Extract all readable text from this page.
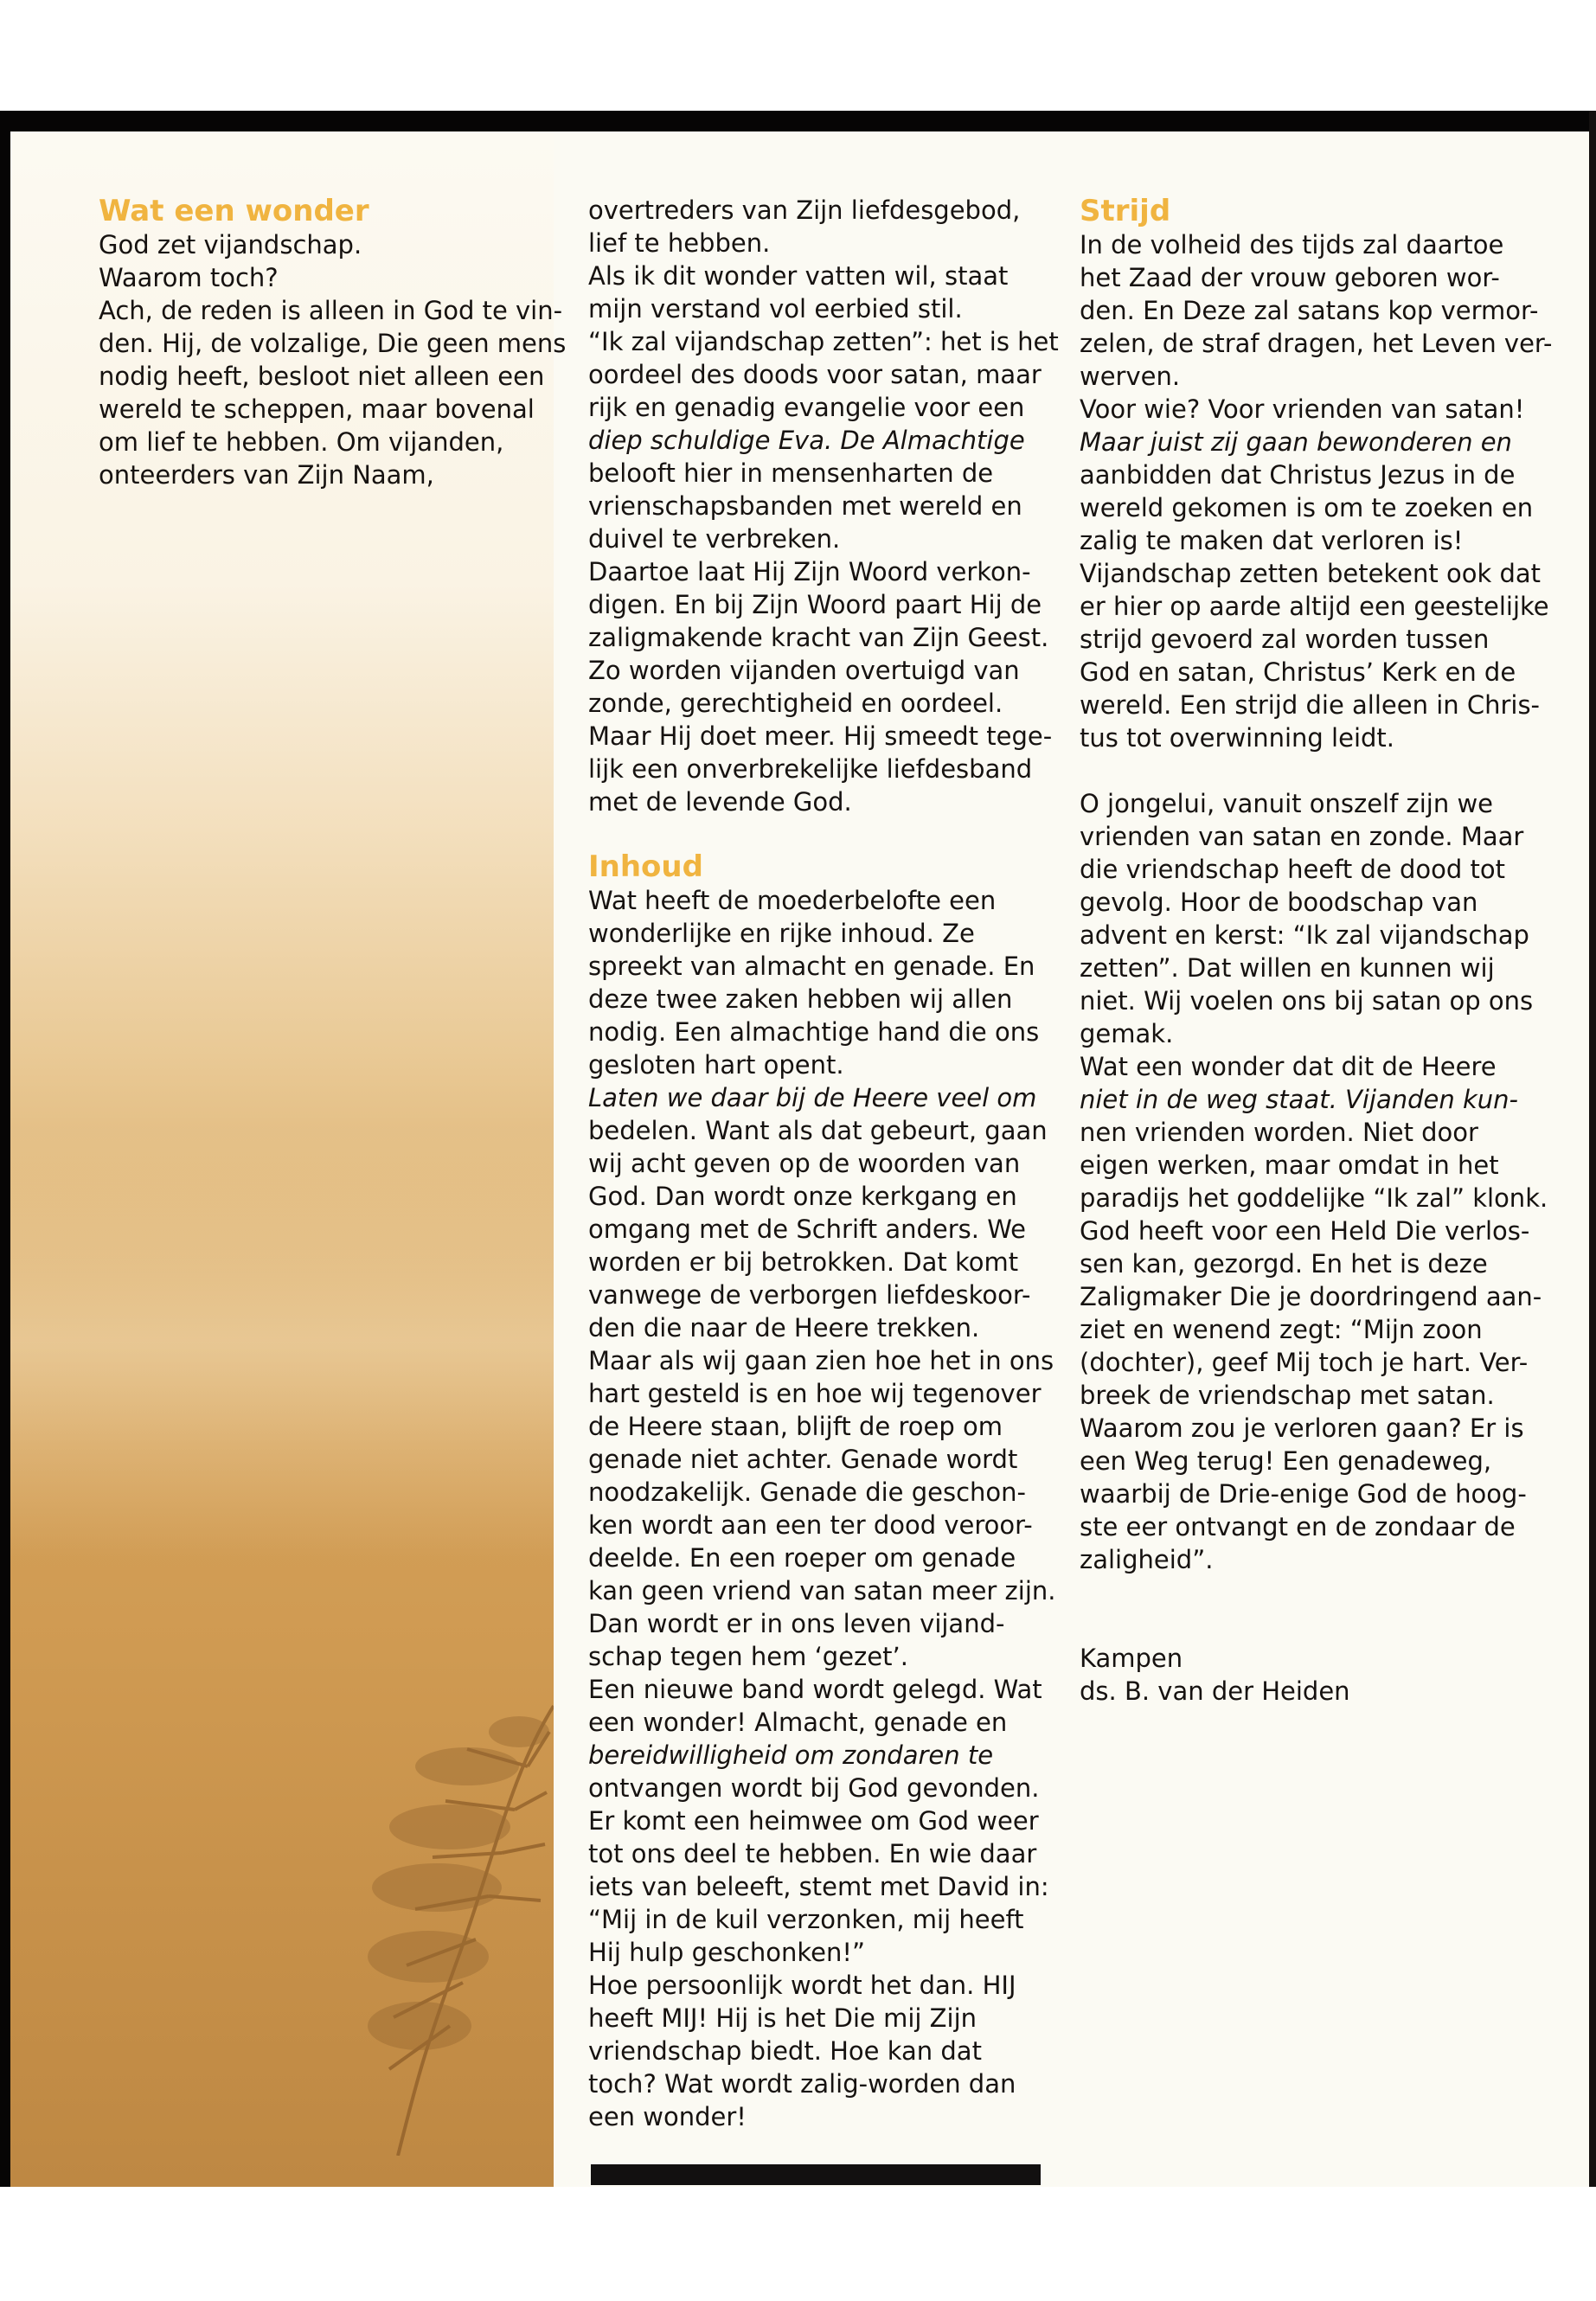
Wat een wonder

God zet vijandschap.

Waarom toch?

Ach, de reden is alleen in God te vin-

den. Hij, de volzalige, Die geen mens

nodig heeft, besloot niet alleen een

wereld te scheppen, maar bovenal

om lief te hebben. Om vijanden,

onteerders van Zijn Naam,

overtreders van Zijn liefdesgebod,

lief te hebben.

Als ik dit wonder vatten wil, staat

mijn verstand vol eerbied stil.

“Ik zal vijandschap zetten”: het is het

oordeel des doods voor satan, maar

rijk en genadig evangelie voor een

diep schuldige Eva. De Almachtige

belooft hier in mensenharten de

vrienschapsbanden met wereld en

duivel te verbreken.

Daartoe laat Hij Zijn Woord verkon-

digen. En bij Zijn Woord paart Hij de

zaligmakende kracht van Zijn Geest.

Zo worden vijanden overtuigd van

zonde, gerechtigheid en oordeel.

Maar Hij doet meer. Hij smeedt tege-

lijk een onverbrekelijke liefdesband

met de levende God.

Inhoud

Wat heeft de moederbelofte een

wonderlijke en rijke inhoud. Ze

spreekt van almacht en genade. En

deze twee zaken hebben wij allen

nodig. Een almachtige hand die ons

gesloten hart opent.

Laten we daar bij de Heere veel om

bedelen. Want als dat gebeurt, gaan

wij acht geven op de woorden van

God. Dan wordt onze kerkgang en

omgang met de Schrift anders. We

worden er bij betrokken. Dat komt

vanwege de verborgen liefdeskoor-

den die naar de Heere trekken.

Maar als wij gaan zien hoe het in ons

hart gesteld is en hoe wij tegenover

de Heere staan, blijft de roep om

genade niet achter. Genade wordt

noodzakelijk. Genade die geschon-

ken wordt aan een ter dood veroor-

deelde. En een roeper om genade

kan geen vriend van satan meer zijn.

Dan wordt er in ons leven vijand-

schap tegen hem ‘gezet’.

Een nieuwe band wordt gelegd. Wat

een wonder! Almacht, genade en

bereidwilligheid om zondaren te

ontvangen wordt bij God gevonden.

Er komt een heimwee om God weer

tot ons deel te hebben. En wie daar

iets van beleeft, stemt met David in:

“Mij in de kuil verzonken, mij heeft

Hij hulp geschonken!”

Hoe persoonlijk wordt het dan. HIJ

heeft MIJ! Hij is het Die mij Zijn

vriendschap biedt. Hoe kan dat

toch? Wat wordt zalig-worden dan

een wonder!

Strijd

In de volheid des tijds zal daartoe

het Zaad der vrouw geboren wor-

den. En Deze zal satans kop vermor-

zelen, de straf dragen, het Leven ver-

werven.

Voor wie? Voor vrienden van satan!

Maar juist zij gaan bewonderen en

aanbidden dat Christus Jezus in de

wereld gekomen is om te zoeken en

zalig te maken dat verloren is!

Vijandschap zetten betekent ook dat

er hier op aarde altijd een geestelijke

strijd gevoerd zal worden tussen

God en satan, Christus’ Kerk en de

wereld. Een strijd die alleen in Chris-

tus tot overwinning leidt.

O jongelui, vanuit onszelf zijn we

vrienden van satan en zonde. Maar

die vriendschap heeft de dood tot

gevolg. Hoor de boodschap van

advent en kerst: “Ik zal vijandschap

zetten”. Dat willen en kunnen wij

niet. Wij voelen ons bij satan op ons

gemak.

Wat een wonder dat dit de Heere

niet in de weg staat. Vijanden kun-

nen vrienden worden. Niet door

eigen werken, maar omdat in het

paradijs het goddelijke “Ik zal” klonk.

God heeft voor een Held Die verlos-

sen kan, gezorgd. En het is deze

Zaligmaker Die je doordringend aan-

ziet en wenend zegt: “Mijn zoon

(dochter), geef Mij toch je hart. Ver-

breek de vriendschap met satan.

Waarom zou je verloren gaan? Er is

een Weg terug! Een genadeweg,

waarbij de Drie-enige God de hoog-

ste eer ontvangt en de zondaar de

zaligheid”.

Kampen

ds. B. van der Heiden
